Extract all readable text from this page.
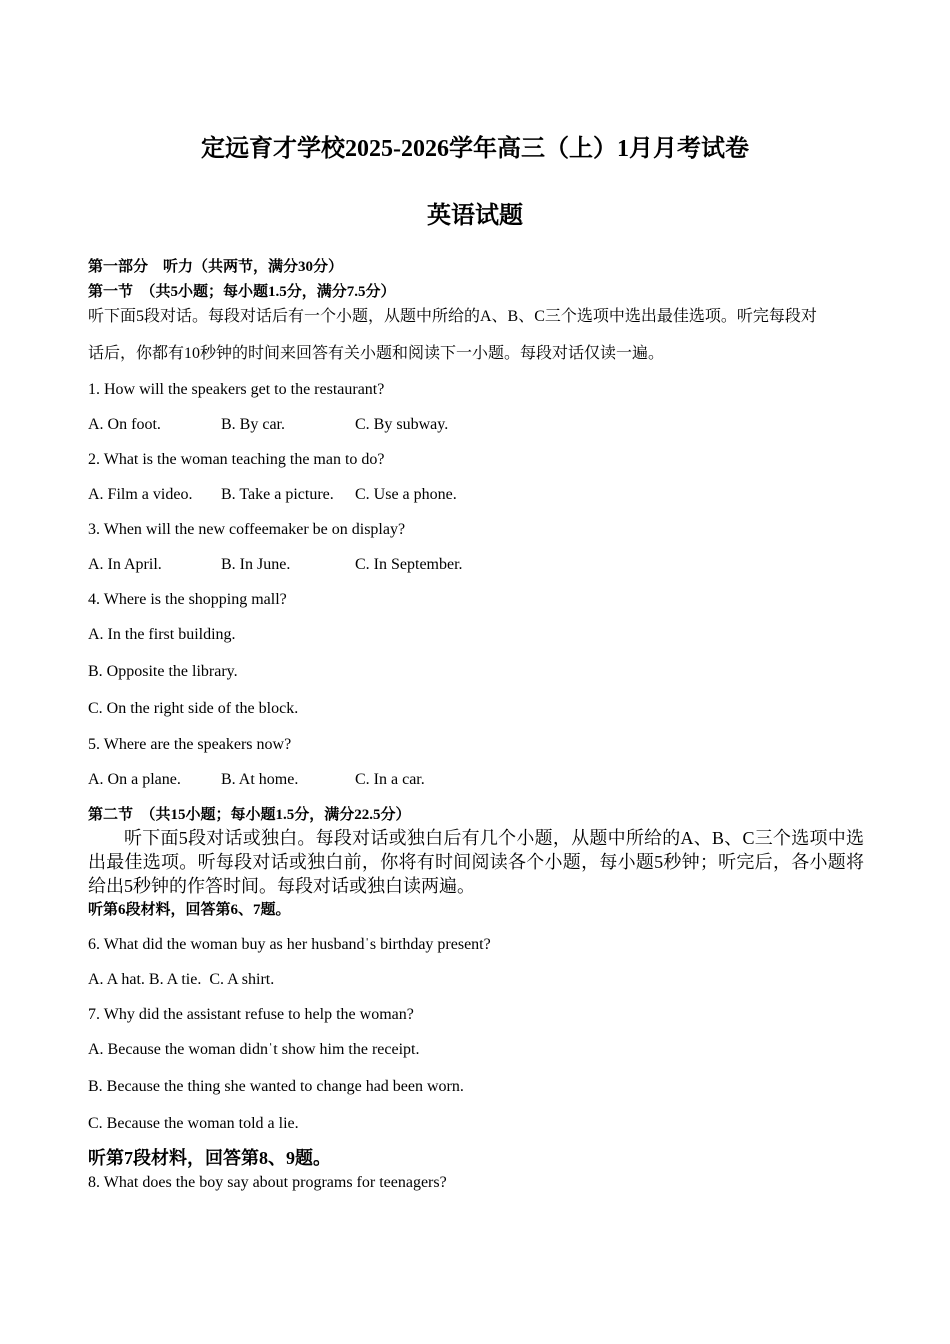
定远育才学校2025-2026学年高三（上）1月月考试卷
英语试题
第一部分　听力（共两节，满分30分）
第一节　（共5小题；每小题1.5分，满分7.5分）
听下面5段对话。每段对话后有一个小题，从题中所给的A、B、C三个选项中选出最佳选项。听完每段对
话后，你都有10秒钟的时间来回答有关小题和阅读下一小题。每段对话仅读一遍。
1. How will the speakers get to the restaurant?
A. On foot.	B. By car.	C. By subway.
2. What is the woman teaching the man to do?
A. Film a video. B. Take a picture. C. Use a phone.
3. When will the new coffeemaker be on display?
A. In April.	B. In June.	C. In September.
4. Where is the shopping mall?
A. In the first building.
B. Opposite the library.
C. On the right side of the block.
5. Where are the speakers now?
A. On a plane.	B. At home.	C. In a car.
第二节　（共15小题；每小题1.5分，满分22.5分）
听下面5段对话或独白。每段对话或独白后有几个小题，从题中所给的A、B、C三个选项中选出最佳选项。听每段对话或独白前，你将有时间阅读各个小题，每小题5秒钟；听完后，各小题将给出5秒钟的作答时间。每段对话或独白读两遍。
听第6段材料，回答第6、7题。
6. What did the woman buy as her husbandˈs birthday present?
A. A hat. B. A tie.  C. A shirt.
7. Why did the assistant refuse to help the woman?
A. Because the woman didnˈt show him the receipt.
B. Because the thing she wanted to change had been worn.
C. Because the woman told a lie.
听第7段材料，回答第8、9题。
8. What does the boy say about programs for teenagers?
